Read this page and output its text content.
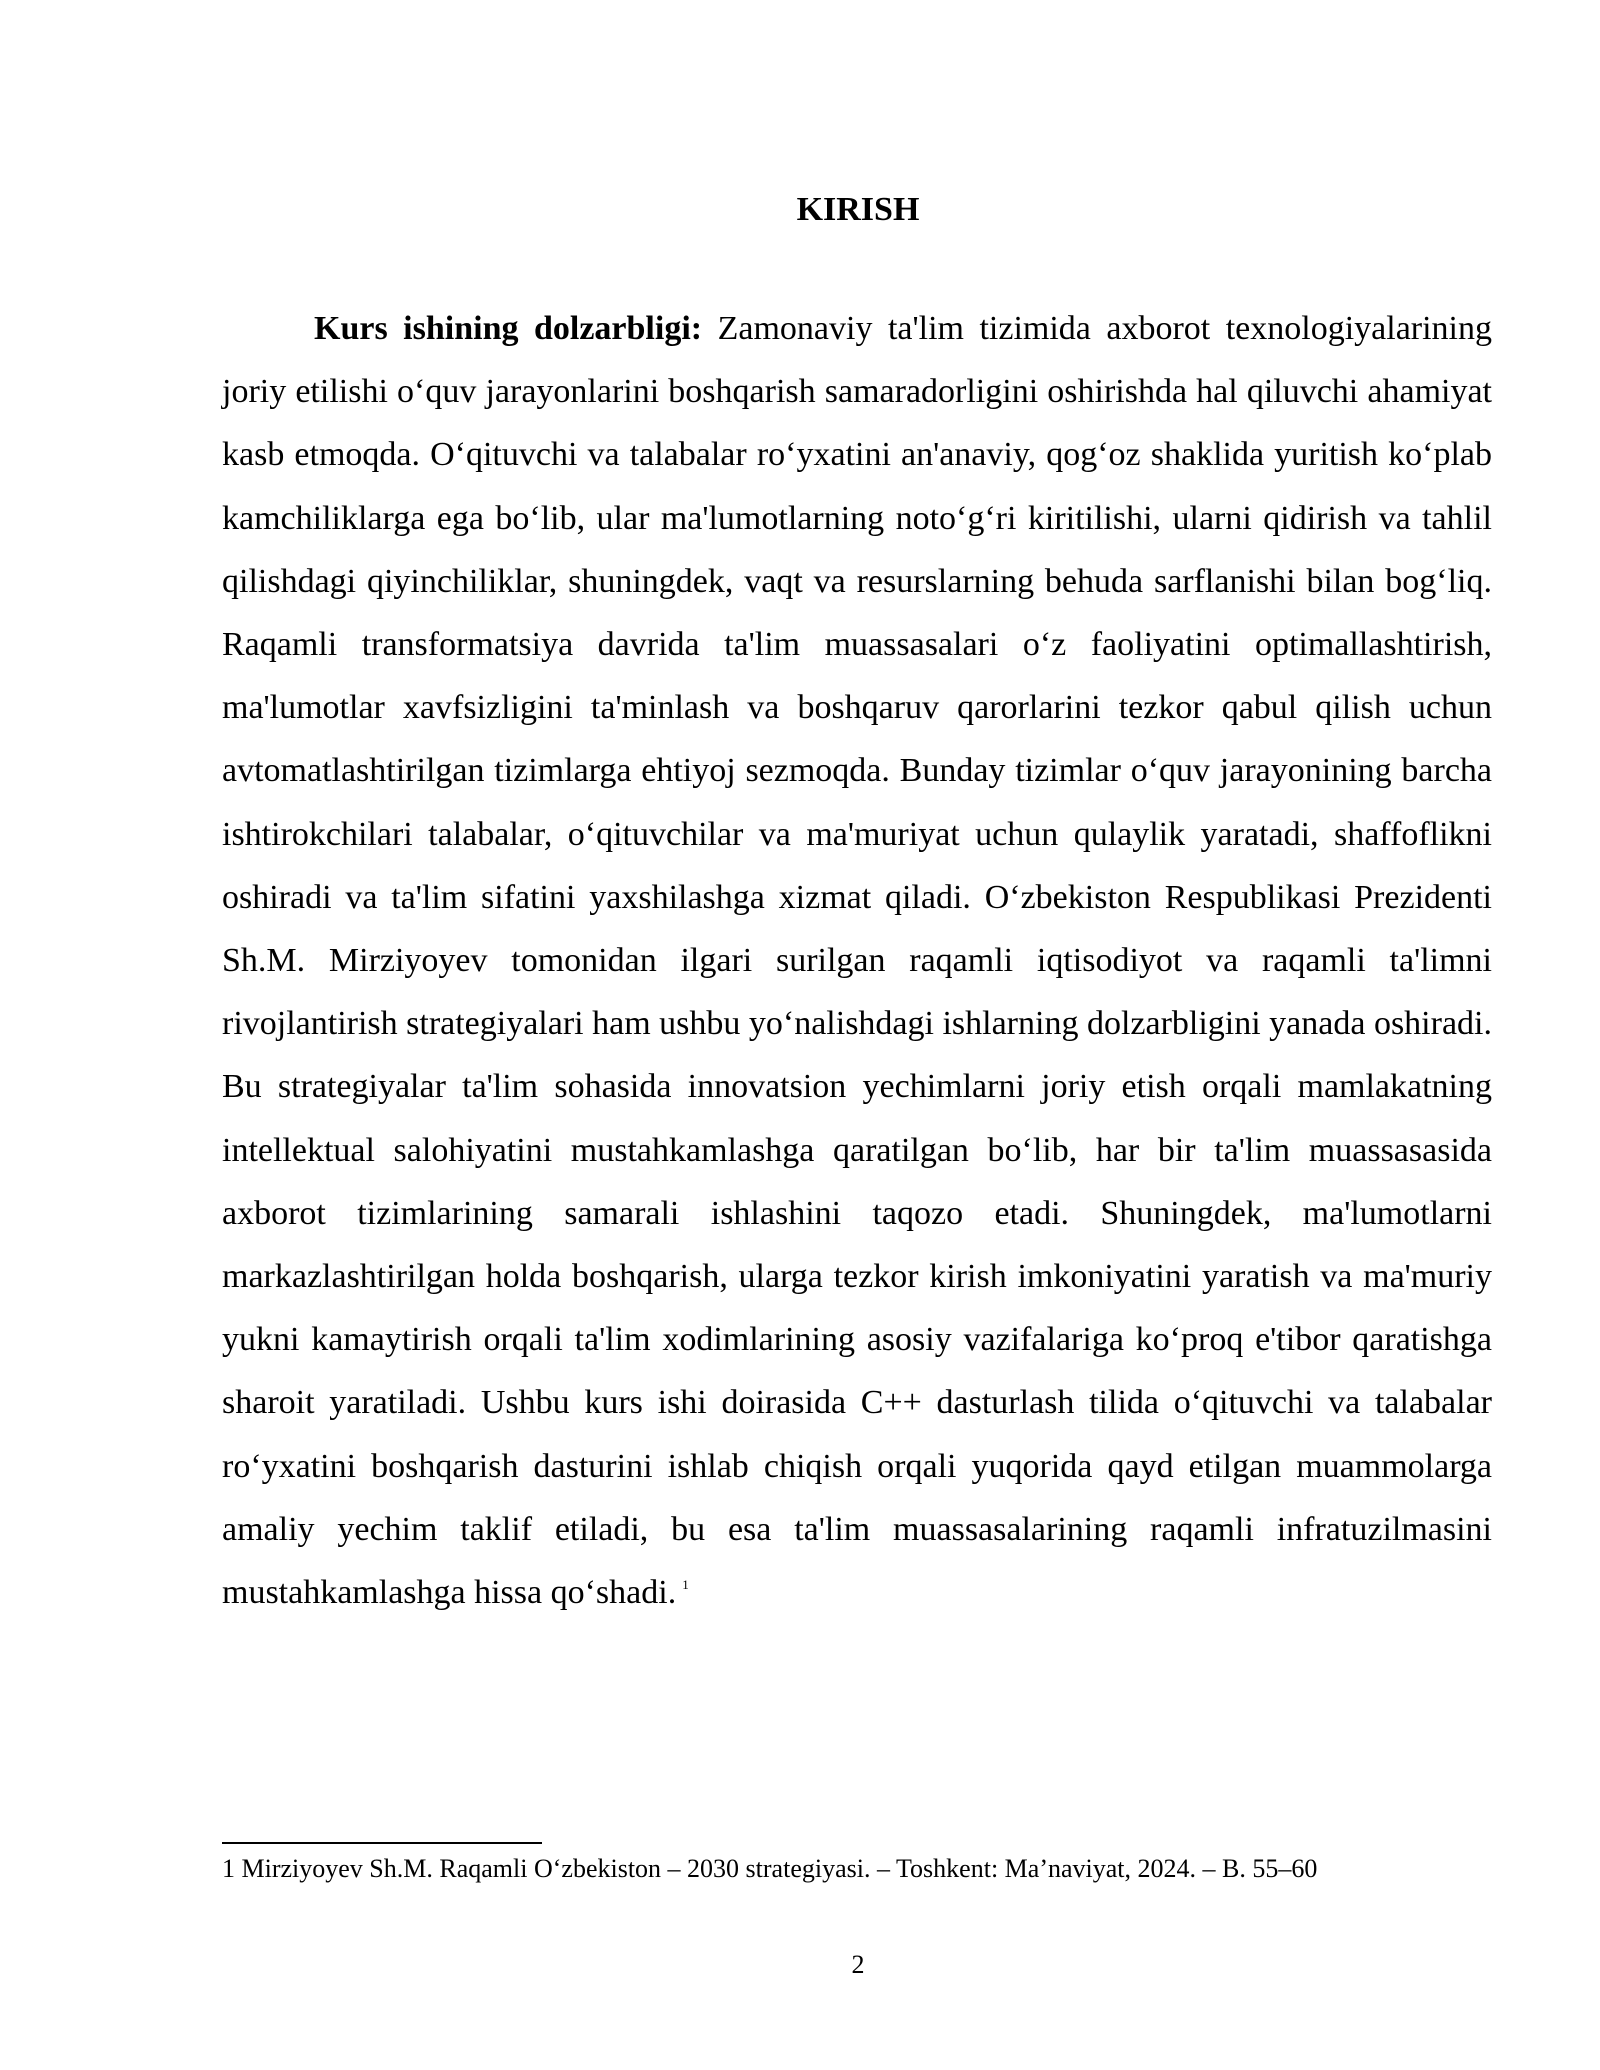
KIRISH

Kurs ishining dolzarbligi: Zamonaviy ta'lim tizimida axborot texnologiyalarining joriy etilishi oʻquv jarayonlarini boshqarish samaradorligini oshirishda hal qiluvchi ahamiyat kasb etmoqda. Oʻqituvchi va talabalar roʻyxatini an'anaviy, qogʻoz shaklida yuritish koʻplab kamchiliklarga ega boʻlib, ular ma'lumotlarning notoʻgʻri kiritilishi, ularni qidirish va tahlil qilishdagi qiyinchiliklar, shuningdek, vaqt va resurslarning behuda sarflanishi bilan bogʻliq. Raqamli transformatsiya davrida ta'lim muassasalari oʻz faoliyatini optimallashtirish, ma'lumotlar xavfsizligini ta'minlash va boshqaruv qarorlarini tezkor qabul qilish uchun avtomatlashtirilgan tizimlarga ehtiyoj sezmoqda. Bunday tizimlar oʻquv jarayonining barcha ishtirokchilari talabalar, oʻqituvchilar va ma'muriyat uchun qulaylik yaratadi, shaffoflikni oshiradi va ta'lim sifatini yaxshilashga xizmat qiladi. Oʻzbekiston Respublikasi Prezidenti Sh.M. Mirziyoyev tomonidan ilgari surilgan raqamli iqtisodiyot va raqamli ta'limni rivojlantirish strategiyalari ham ushbu yoʻnalishdagi ishlarning dolzarbligini yanada oshiradi. Bu strategiyalar ta'lim sohasida innovatsion yechimlarni joriy etish orqali mamlakatning intellektual salohiyatini mustahkamlashga qaratilgan boʻlib, har bir ta'lim muassasasida axborot tizimlarining samarali ishlashini taqozo etadi. Shuningdek, ma'lumotlarni markazlashtirilgan holda boshqarish, ularga tezkor kirish imkoniyatini yaratish va ma'muriy yukni kamaytirish orqali ta'lim xodimlarining asosiy vazifalariga koʻproq e'tibor qaratishga sharoit yaratiladi. Ushbu kurs ishi doirasida C++ dasturlash tilida oʻqituvchi va talabalar roʻyxatini boshqarish dasturini ishlab chiqish orqali yuqorida qayd etilgan muammolarga amaliy yechim taklif etiladi, bu esa ta'lim muassasalarining raqamli infratuzilmasini mustahkamlashga hissa qoʻshadi. $^1$

1 Mirziyoyev Sh.M. Raqamli Oʻzbekiston – 2030 strategiyasi. – Toshkent: Ma’naviyat, 2024. – B. 55–60
2
